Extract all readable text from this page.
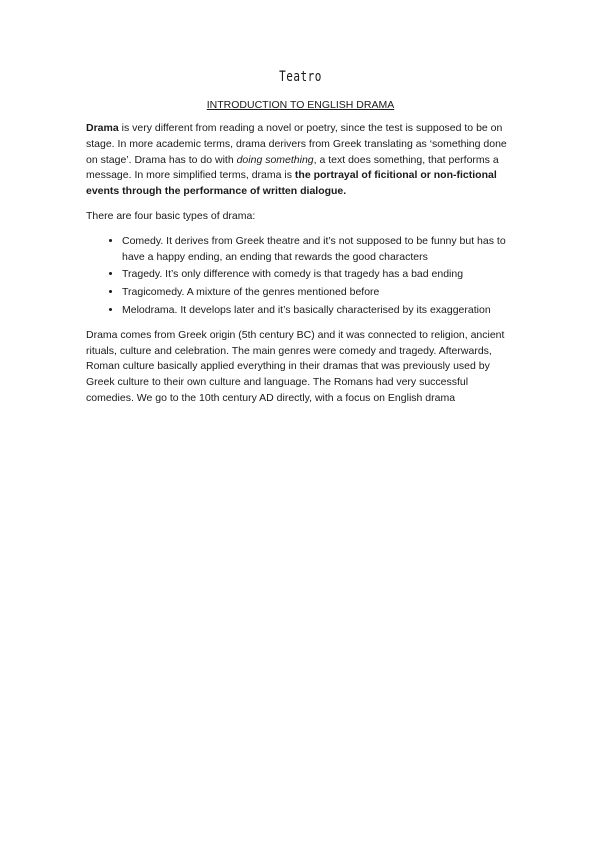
Teatro
INTRODUCTION TO ENGLISH DRAMA

Drama is very different from reading a novel or poetry, since the test is supposed to be on stage. In more academic terms, drama derivers from Greek translating as ‘something done on stage’. Drama has to do with doing something, a text does something, that performs a message. In more simplified terms, drama is the portrayal of ficitional or non-fictional events through the performance of written dialogue.

There are four basic types of drama:

• Comedy. It derives from Greek theatre and it’s not supposed to be funny but has to have a happy ending, an ending that rewards the good characters
• Tragedy. It’s only difference with comedy is that tragedy has a bad ending
• Tragicomedy. A mixture of the genres mentioned before
• Melodrama. It develops later and it’s basically characterised by its exaggeration

Drama comes from Greek origin (5th century BC) and it was connected to religion, ancient rituals, culture and celebration. The main genres were comedy and tragedy. Afterwards, Roman culture basically applied everything in their dramas that was previously used by Greek culture to their own culture and language. The Romans had very successful comedies. We go to the 10th century AD directly, with a focus on English drama
